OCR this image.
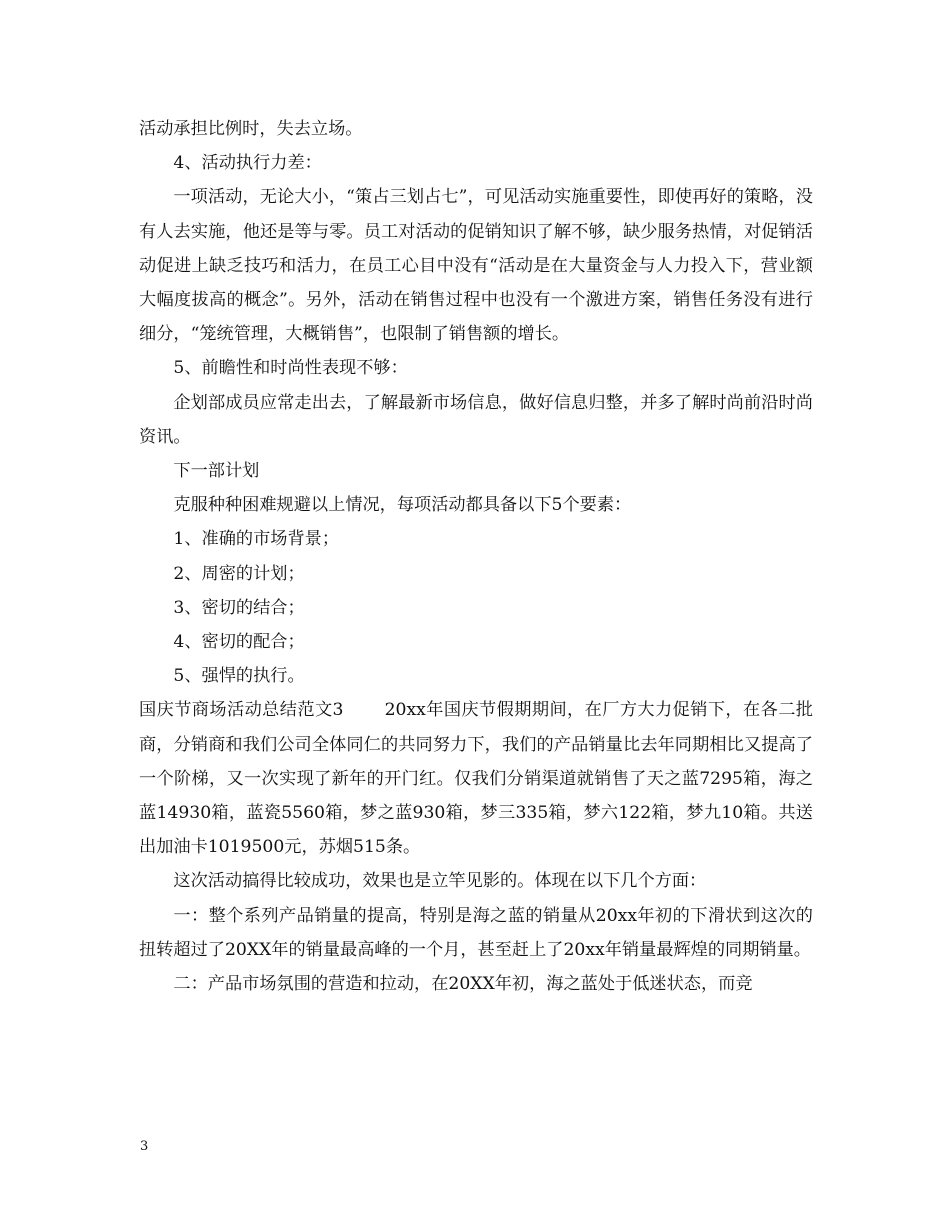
活动承担比例时，失去立场。

4、活动执行力差：

一项活动，无论大小，“策占三划占七”，可见活动实施重要性，即使再好的策略，没有人去实施，他还是等与零。员工对活动的促销知识了解不够，缺少服务热情，对促销活动促进上缺乏技巧和活力，在员工心目中没有“活动是在大量资金与人力投入下，营业额大幅度拔高的概念”。另外，活动在销售过程中也没有一个激进方案，销售任务没有进行细分，“笼统管理，大概销售”，也限制了销售额的增长。

5、前瞻性和时尚性表现不够：

企划部成员应常走出去，了解最新市场信息，做好信息归整，并多了解时尚前沿时尚资讯。

下一部计划

克服种种困难规避以上情况，每项活动都具备以下5个要素：

1、准确的市场背景；

2、周密的计划；

3、密切的结合；

4、密切的配合；

5、强悍的执行。

国庆节商场活动总结范文3       20xx年国庆节假期期间，在厂方大力促销下，在各二批商，分销商和我们公司全体同仁的共同努力下，我们的产品销量比去年同期相比又提高了一个阶梯，又一次实现了新年的开门红。仅我们分销渠道就销售了天之蓝7295箱，海之蓝14930箱，蓝瓷5560箱，梦之蓝930箱，梦三335箱，梦六122箱，梦九10箱。共送出加油卡1019500元，苏烟515条。

这次活动搞得比较成功，效果也是立竿见影的。体现在以下几个方面：

一：整个系列产品销量的提高，特别是海之蓝的销量从20xx年初的下滑状到这次的扭转超过了20XX年的销量最高峰的一个月，甚至赶上了20xx年销量最辉煌的同期销量。

二：产品市场氛围的营造和拉动，在20XX年初，海之蓝处于低迷状态，而竞

3
